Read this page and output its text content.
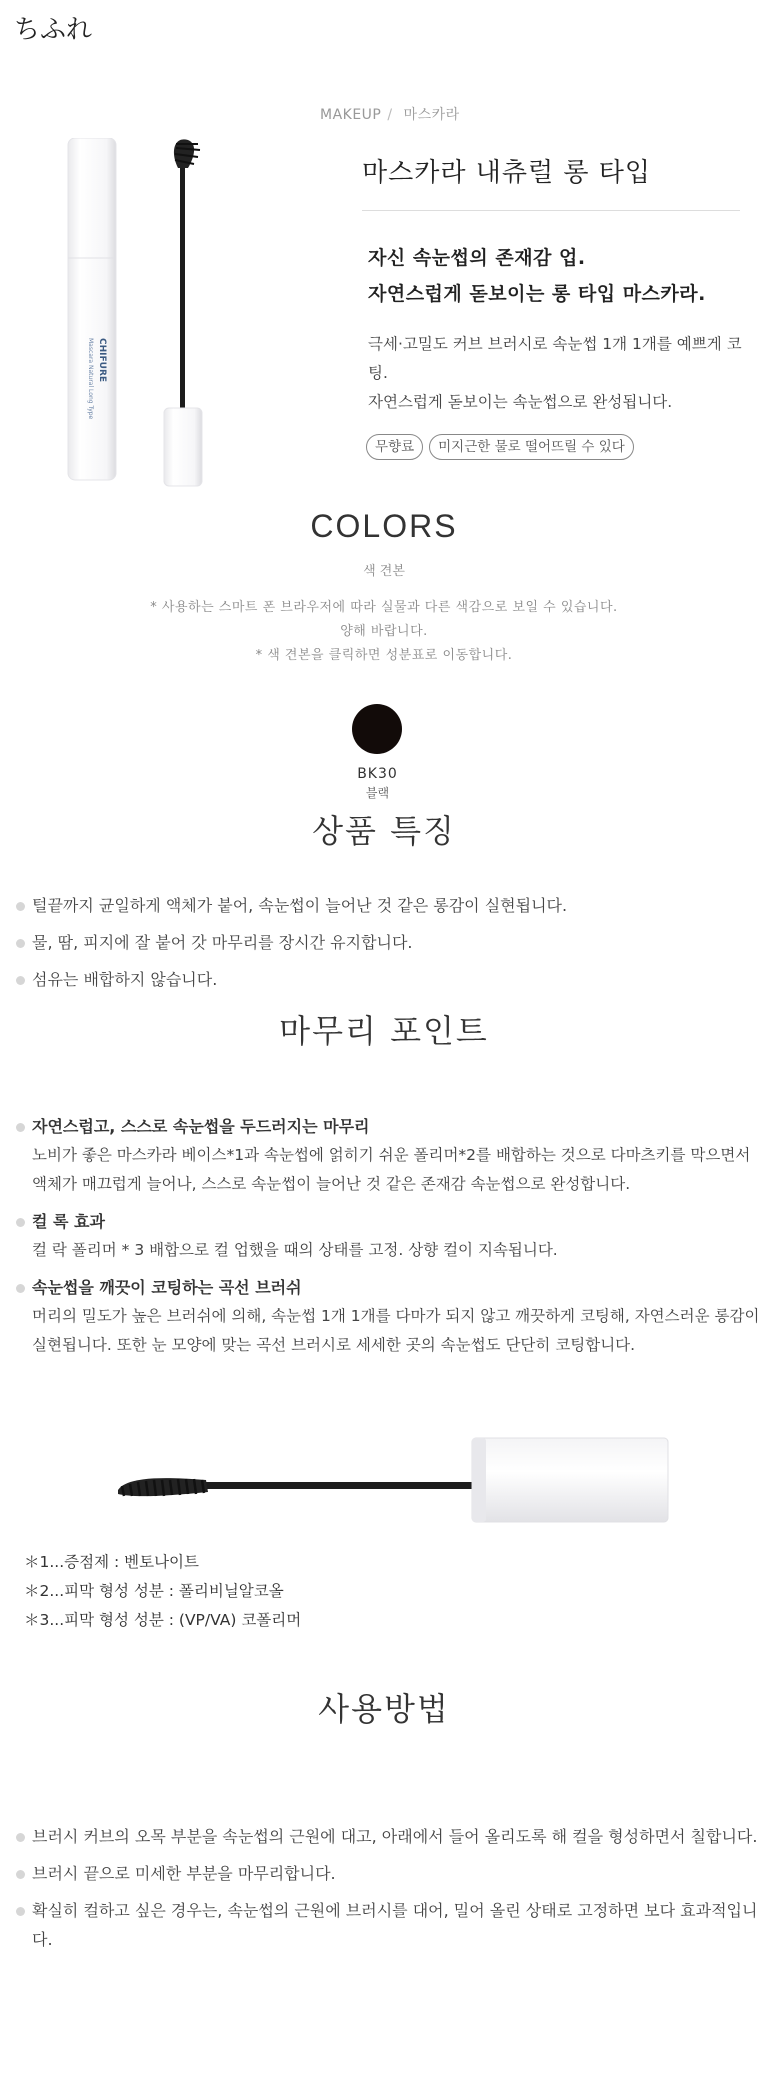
ちふれ
MAKEUP / 마스카라
CHIFURE
Mascara Natural Long Type
마스카라 내츄럴 롱 타입
자신 속눈썹의 존재감 업.
자연스럽게 돋보이는 롱 타입 마스카라.
극세·고밀도 커브 브러시로 속눈썹 1개 1개를 예쁘게 코팅.
자연스럽게 돋보이는 속눈썹으로 완성됩니다.
무향료	미지근한 물로 떨어뜨릴 수 있다
COLORS
색 견본
* 사용하는 스마트 폰 브라우저에 따라 실물과 다른 색감으로 보일 수 있습니다.
양해 바랍니다.
* 색 견본을 클릭하면 성분표로 이동합니다.
BK30
블랙
상품 특징
털끝까지 균일하게 액체가 붙어, 속눈썹이 늘어난 것 같은 롱감이 실현됩니다.
물, 땀, 피지에 잘 붙어 갓 마무리를 장시간 유지합니다.
섬유는 배합하지 않습니다.
마무리 포인트
자연스럽고, 스스로 속눈썹을 두드러지는 마무리
노비가 좋은 마스카라 베이스*1과 속눈썹에 얽히기 쉬운 폴리머*2를 배합하는 것으로 다마츠키를 막으면서 액체가 매끄럽게 늘어나, 스스로 속눈썹이 늘어난 것 같은 존재감 속눈썹으로 완성합니다.
컬 록 효과
컬 락 폴리머 * 3 배합으로 컬 업했을 때의 상태를 고정. 상향 컬이 지속됩니다.
속눈썹을 깨끗이 코팅하는 곡선 브러쉬
머리의 밀도가 높은 브러쉬에 의해, 속눈썹 1개 1개를 다마가 되지 않고 깨끗하게 코팅해, 자연스러운 롱감이 실현됩니다. 또한 눈 모양에 맞는 곡선 브러시로 세세한 곳의 속눈썹도 단단히 코팅합니다.
＊1...증점제 : 벤토나이트
＊2...피막 형성 성분 : 폴리비닐알코올
＊3...피막 형성 성분 : (VP/VA) 코폴리머
사용방법
브러시 커브의 오목 부분을 속눈썹의 근원에 대고, 아래에서 들어 올리도록 해 컬을 형성하면서 칠합니다.
브러시 끝으로 미세한 부분을 마무리합니다.
확실히 컬하고 싶은 경우는, 속눈썹의 근원에 브러시를 대어, 밀어 올린 상태로 고정하면 보다 효과적입니다.
